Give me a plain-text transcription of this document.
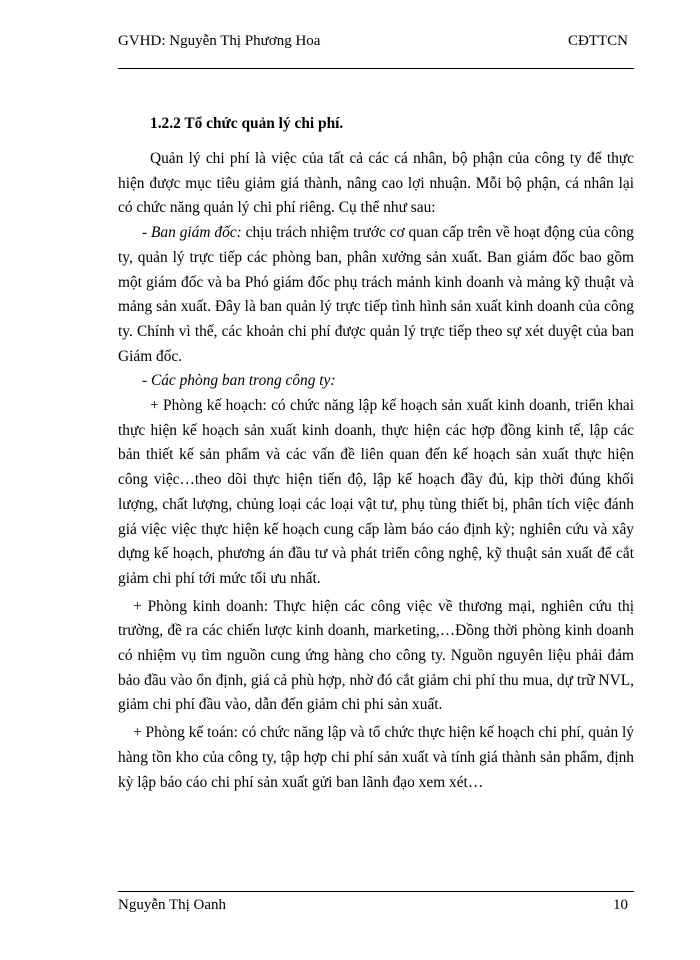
GVHD: Nguyễn Thị Phương Hoa	CĐTTCN
1.2.2 Tổ chức quản lý chi phí.

Quản lý chi phí là việc của tất cả các cá nhân, bộ phận của công ty để thực hiện được mục tiêu giảm giá thành, nâng cao lợi nhuận. Mỗi bộ phận, cá nhân lại có chức năng quản lý chi phí riêng. Cụ thể như sau:

- Ban giám đốc: chịu trách nhiệm trước cơ quan cấp trên về hoạt động của công ty, quản lý trực tiếp các phòng ban, phân xưởng sản xuất. Ban giám đốc bao gồm một giám đốc và ba Phó giám đốc phụ trách mảnh kinh doanh và mảng kỹ thuật và mảng sản xuất. Đây là ban quản lý trực tiếp tình hình sản xuất kinh doanh của công ty. Chính vì thế, các khoản chi phí được quản lý trực tiếp theo sự xét duyệt của ban Giám đốc.

- Các phòng ban trong công ty:

+ Phòng kế hoạch: có chức năng lập kế hoạch sản xuất kinh doanh, triển khai thực hiện kế hoạch sản xuất kinh doanh, thực hiện các hợp đồng kinh tế, lập các bản thiết kế sản phẩm và các vấn đề liên quan đến kế hoạch sản xuất thực hiện công việc…theo dõi thực hiện tiến độ, lập kế hoạch đầy đủ, kịp thời đúng khối lượng, chất lượng, chủng loại các loại vật tư, phụ tùng thiết bị, phân tích việc đánh giá việc việc thực hiện kế hoạch cung cấp làm báo cáo định kỳ; nghiên cứu và xây dựng kế hoạch, phương án đầu tư và phát triển công nghệ, kỹ thuật sản xuất để cắt giảm chi phí tới mức tối ưu nhất.

+ Phòng kinh doanh: Thực hiện các công việc về thương mại, nghiên cứu thị trường, đề ra các chiến lược kinh doanh, marketing,…Đồng thời phòng kinh doanh có nhiệm vụ tìm nguồn cung ứng hàng cho công ty. Nguồn nguyên liệu phải đảm bảo đầu vào ổn định, giá cả phù hợp, nhờ đó cắt giảm chi phí thu mua, dự trữ NVL, giảm chi phí đầu vào, dẫn đến giảm chi phi sản xuất.

+ Phòng kế toán: có chức năng lập và tổ chức thực hiện kế hoạch chi phí, quản lý hàng tồn kho của công ty, tập hợp chi phí sản xuất và tính giá thành sản phẩm, định kỳ lập báo cáo chi phí sản xuất gửi ban lãnh đạo xem xét…

Nguyễn Thị Oanh	10
